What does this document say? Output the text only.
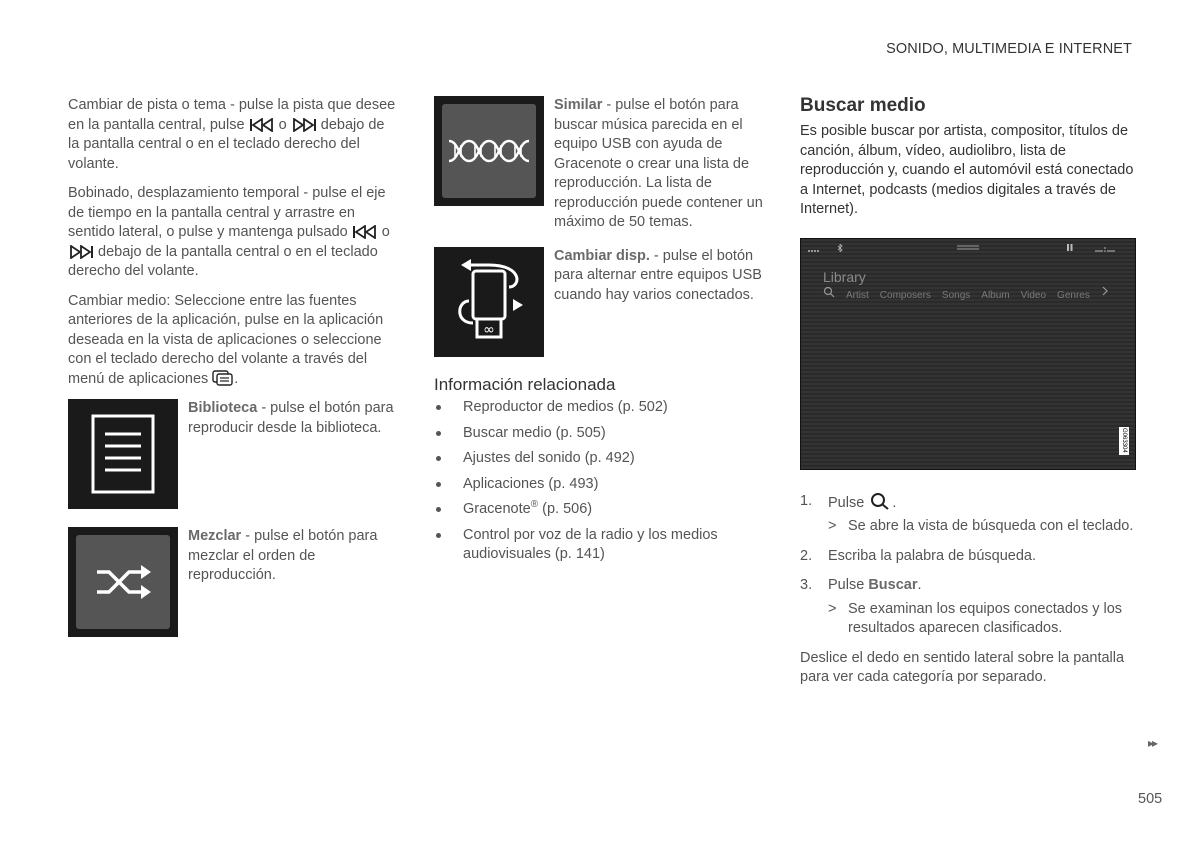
SONIDO, MULTIMEDIA E INTERNET

Cambiar de pista o tema - pulse la pista que desee en la pantalla central, pulse o debajo de la pantalla central o en el teclado derecho del volante.

Bobinado, desplazamiento temporal - pulse el eje de tiempo en la pantalla central y arrastre en sentido lateral, o pulse y mantenga pulsado o  debajo de la pantalla central o en el teclado derecho del volante.

Cambiar medio: Seleccione entre las fuentes anteriores de la aplicación, pulse en la aplicación deseada en la vista de aplicaciones o seleccione con el teclado derecho del volante a través del menú de aplicaciones .

Biblioteca - pulse el botón para reproducir desde la biblioteca.
Mezclar - pulse el botón para mezclar el orden de reproducción.
Similar - pulse el botón para buscar música parecida en el equipo USB con ayuda de Gracenote o crear una lista de reproducción. La lista de reproducción puede contener un máximo de 50 temas.
∞
Cambiar disp. - pulse el botón para alternar entre equipos USB cuando hay varios conectados.
Información relacionada
Reproductor de medios (p. 502)
Buscar medio (p. 505)
Ajustes del sonido (p. 492)
Aplicaciones (p. 493)
Gracenote® (p. 506)
Control por voz de la radio y los medios audiovisuales (p. 141)
Buscar medio

Es posible buscar por artista, compositor, títulos de canción, álbum, vídeo, audiolibro, lista de reproducción y, cuando el automóvil está conectado a Internet, podcasts (medios digitales a través de Internet).

Library
Artist Composers Songs Album Video Genres
G063304
1. Pulse .
> Se abre la vista de búsqueda con el teclado.
2. Escriba la palabra de búsqueda.
3. Pulse Buscar.
> Se examinan los equipos conectados y los resultados aparecen clasificados.

Deslice el dedo en sentido lateral sobre la pantalla para ver cada categoría por separado.

▸▸
505
